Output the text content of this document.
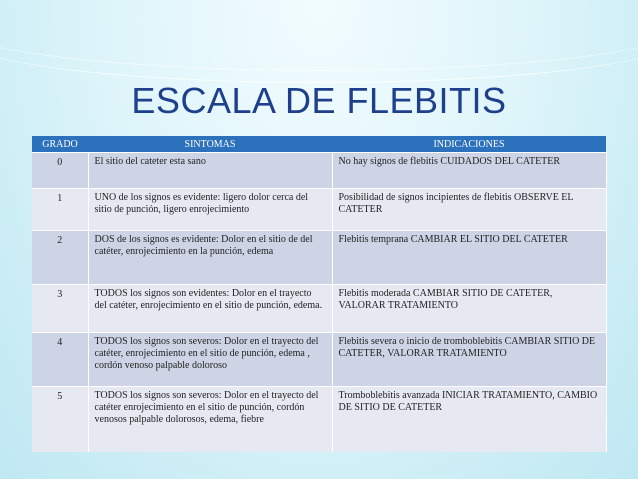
ESCALA DE FLEBITIS
GRADO	SINTOMAS	INDICACIONES
0	El sitio del cateter esta sano	No hay signos de flebitis CUIDADOS DEL CATETER
1	UNO de los signos es evidente: ligero dolor cerca del sitio de punción, ligero enrojecimiento	Posibilidad de signos incipientes de flebitis OBSERVE EL CATETER
2	DOS de los signos es evidente: Dolor en el sitio de del catéter, enrojecimiento en la punción, edema	Flebitis temprana CAMBIAR EL SITIO DEL CATETER
3	TODOS los signos son evidentes: Dolor en el trayecto del catéter, enrojecimiento en el sitio de punción, edema.	Flebitis moderada CAMBIAR SITIO DE CATETER, VALORAR TRATAMIENTO
4	TODOS los signos son severos: Dolor en el trayecto del catéter, enrojecimiento en el sitio de punción, edema , cordón venoso palpable doloroso	Flebitis severa o inicio de tromboblebitis CAMBIAR SITIO DE CATETER, VALORAR TRATAMIENTO
5	TODOS los signos son severos: Dolor en el trayecto del catéter enrojecimiento en el sitio de punción, cordón venosos palpable dolorosos, edema, fiebre	Tromboblebitis avanzada INICIAR TRATAMIENTO, CAMBIO DE SITIO DE CATETER
